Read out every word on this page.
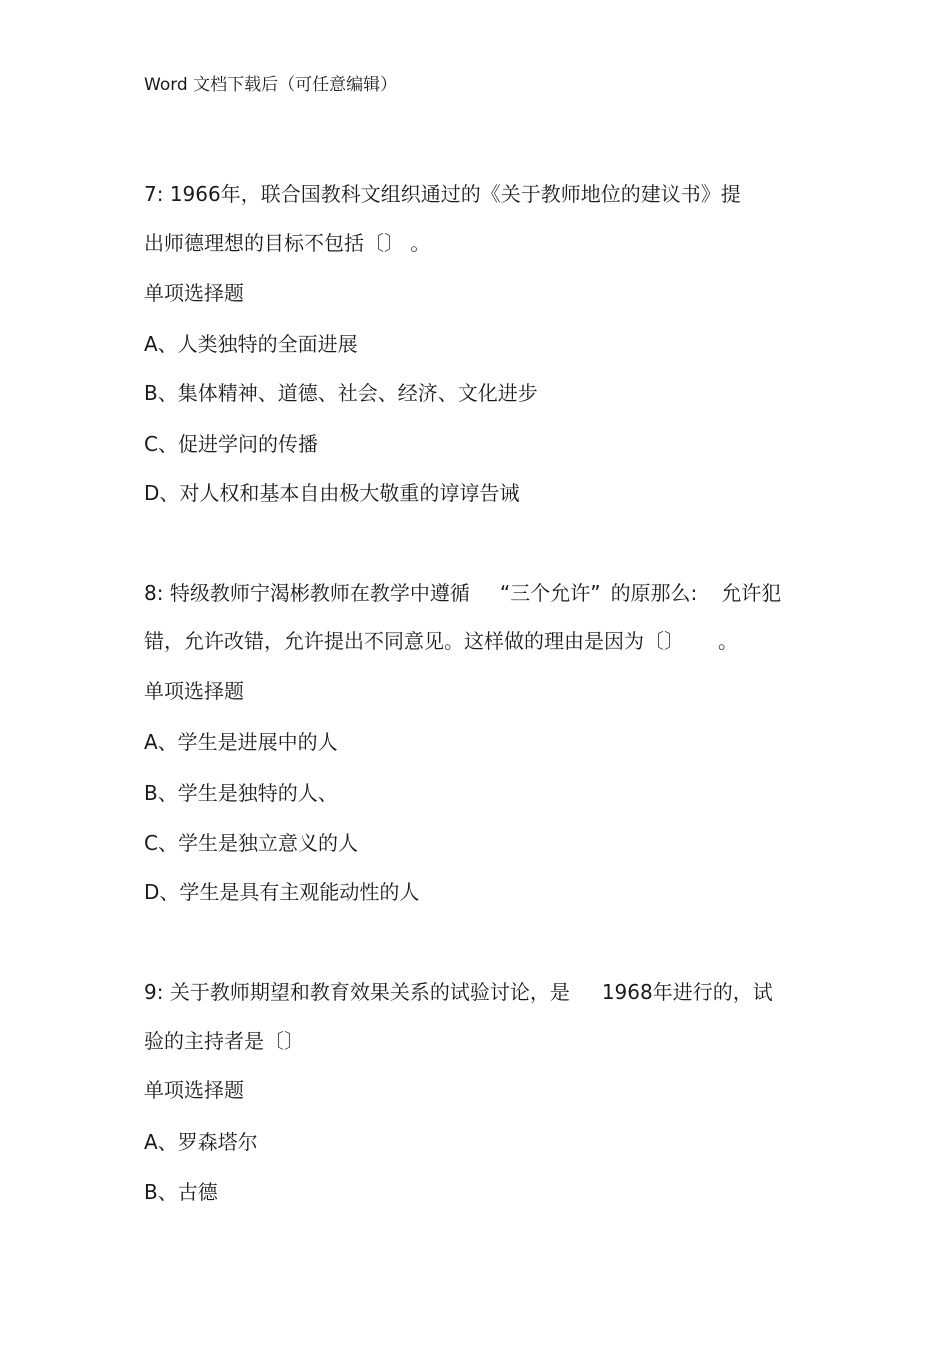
Word 文档下载后（可任意编辑）
7: 1966年，联合国教科文组织通过的《关于教师地位的建议书》提
出师德理想的目标不包括〔〕 。
单项选择题
A、人类独特的全面进展
B、集体精神、道德、社会、经济、文化进步
C、促进学问的传播
D、对人权和基本自由极大敬重的谆谆告诫
8: 特级教师宁渴彬教师在教学中遵循 “三个允许” 的原那么: 允许犯
错，允许改错，允许提出不同意见。这样做的理由是因为〔〕 。
单项选择题
A、学生是进展中的人
B、学生是独特的人、
C、学生是独立意义的人
D、学生是具有主观能动性的人
9: 关于教师期望和教育效果关系的试验讨论，是 1968年进行的，试
验的主持者是〔〕
单项选择题
A、罗森塔尔
B、古德
